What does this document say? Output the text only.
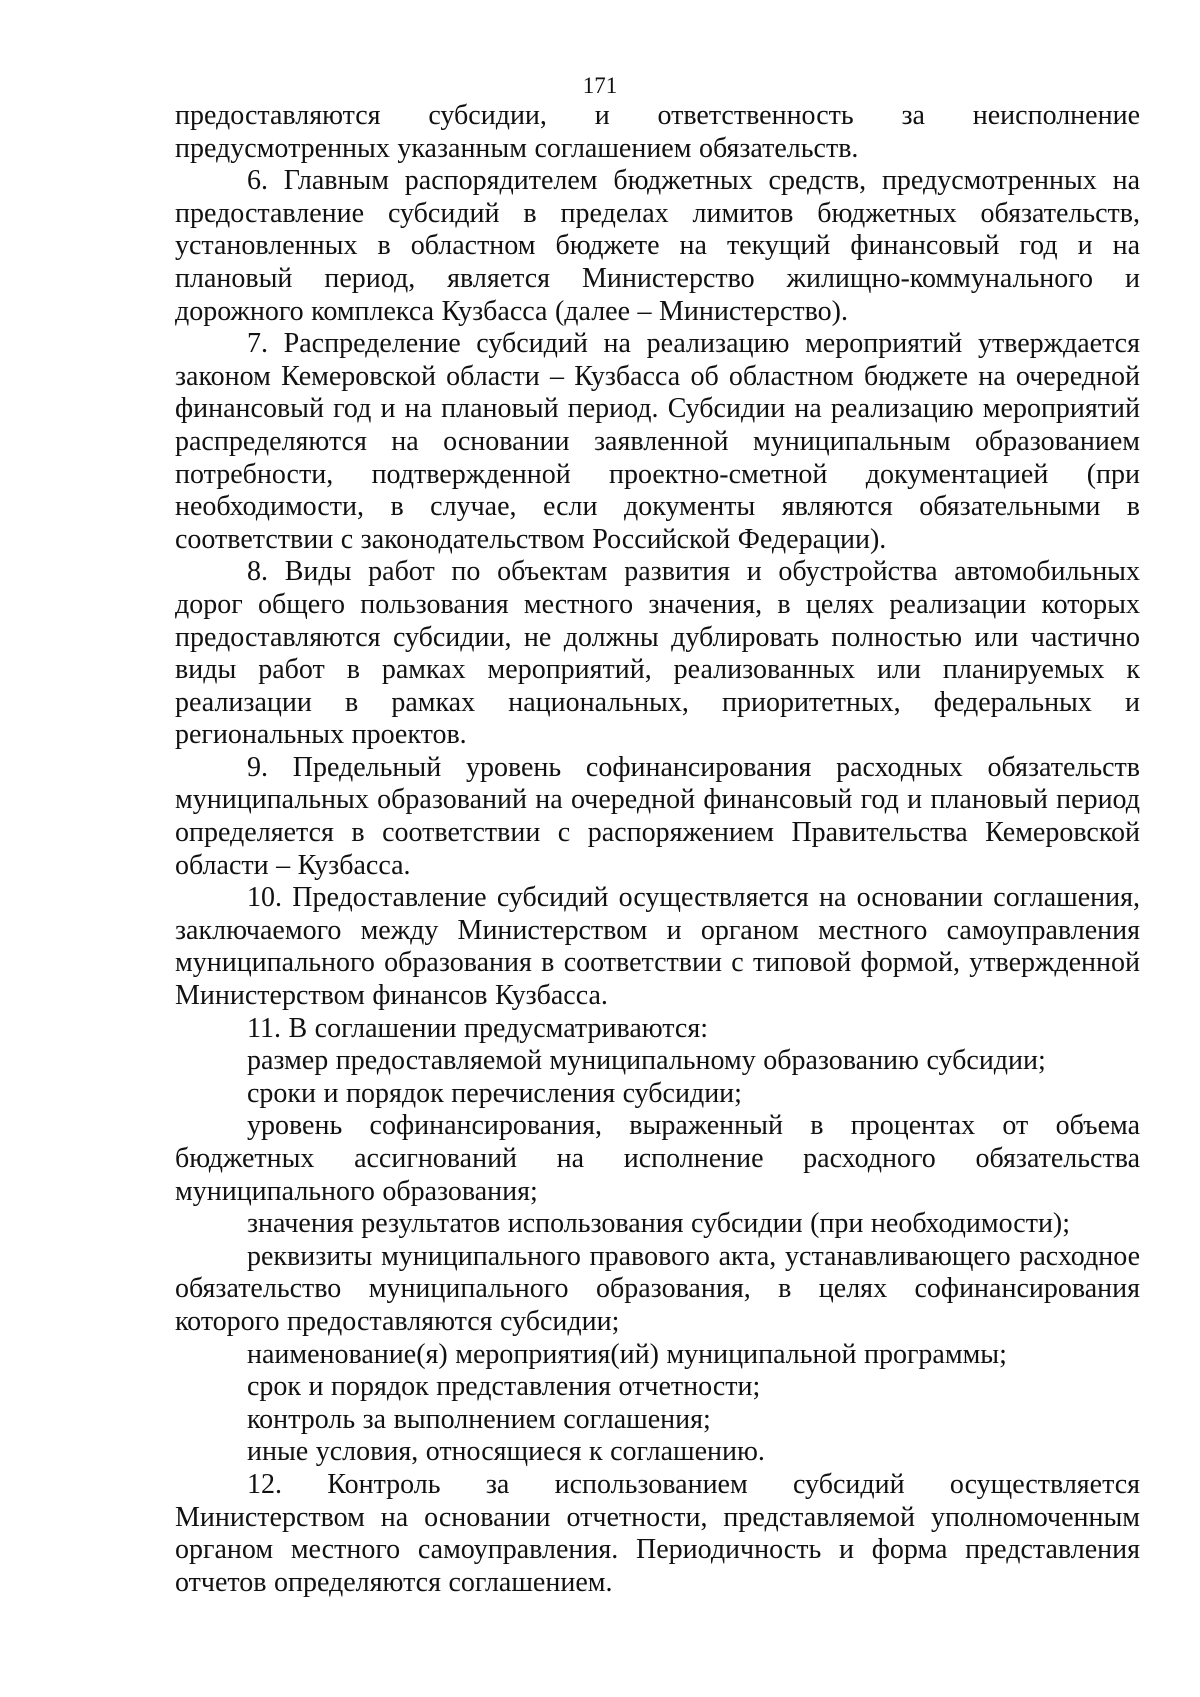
171

предоставляются субсидии, и ответственность за неисполнение предусмотренных указанным соглашением обязательств.

6. Главным распорядителем бюджетных средств, предусмотренных на предоставление субсидий в пределах лимитов бюджетных обязательств, установленных в областном бюджете на текущий финансовый год и на плановый период, является Министерство жилищно-коммунального и дорожного комплекса Кузбасса (далее – Министерство).

7. Распределение субсидий на реализацию мероприятий утверждается законом Кемеровской области – Кузбасса об областном бюджете на очередной финансовый год и на плановый период. Субсидии на реализацию мероприятий распределяются на основании заявленной муниципальным образованием потребности, подтвержденной проектно-сметной документацией (при необходимости, в случае, если документы являются обязательными в соответствии с законодательством Российской Федерации).

8. Виды работ по объектам развития и обустройства автомобильных дорог общего пользования местного значения, в целях реализации которых предоставляются субсидии, не должны дублировать полностью или частично виды работ в рамках мероприятий, реализованных или планируемых к реализации в рамках национальных, приоритетных, федеральных и региональных проектов.

9. Предельный уровень софинансирования расходных обязательств муниципальных образований на очередной финансовый год и плановый период определяется в соответствии с распоряжением Правительства Кемеровской области – Кузбасса.

10. Предоставление субсидий осуществляется на основании соглашения, заключаемого между Министерством и органом местного самоуправления муниципального образования в соответствии с типовой формой, утвержденной Министерством финансов Кузбасса.

11. В соглашении предусматриваются:

размер предоставляемой муниципальному образованию субсидии;

сроки и порядок перечисления субсидии;

уровень софинансирования, выраженный в процентах от объема бюджетных ассигнований на исполнение расходного обязательства муниципального образования;

значения результатов использования субсидии (при необходимости);

реквизиты муниципального правового акта, устанавливающего расходное обязательство муниципального образования, в целях софинансирования которого предоставляются субсидии;

наименование(я) мероприятия(ий) муниципальной программы;

срок и порядок представления отчетности;

контроль за выполнением соглашения;

иные условия, относящиеся к соглашению.

12. Контроль за использованием субсидий осуществляется Министерством на основании отчетности, представляемой уполномоченным органом местного самоуправления. Периодичность и форма представления отчетов определяются соглашением.
